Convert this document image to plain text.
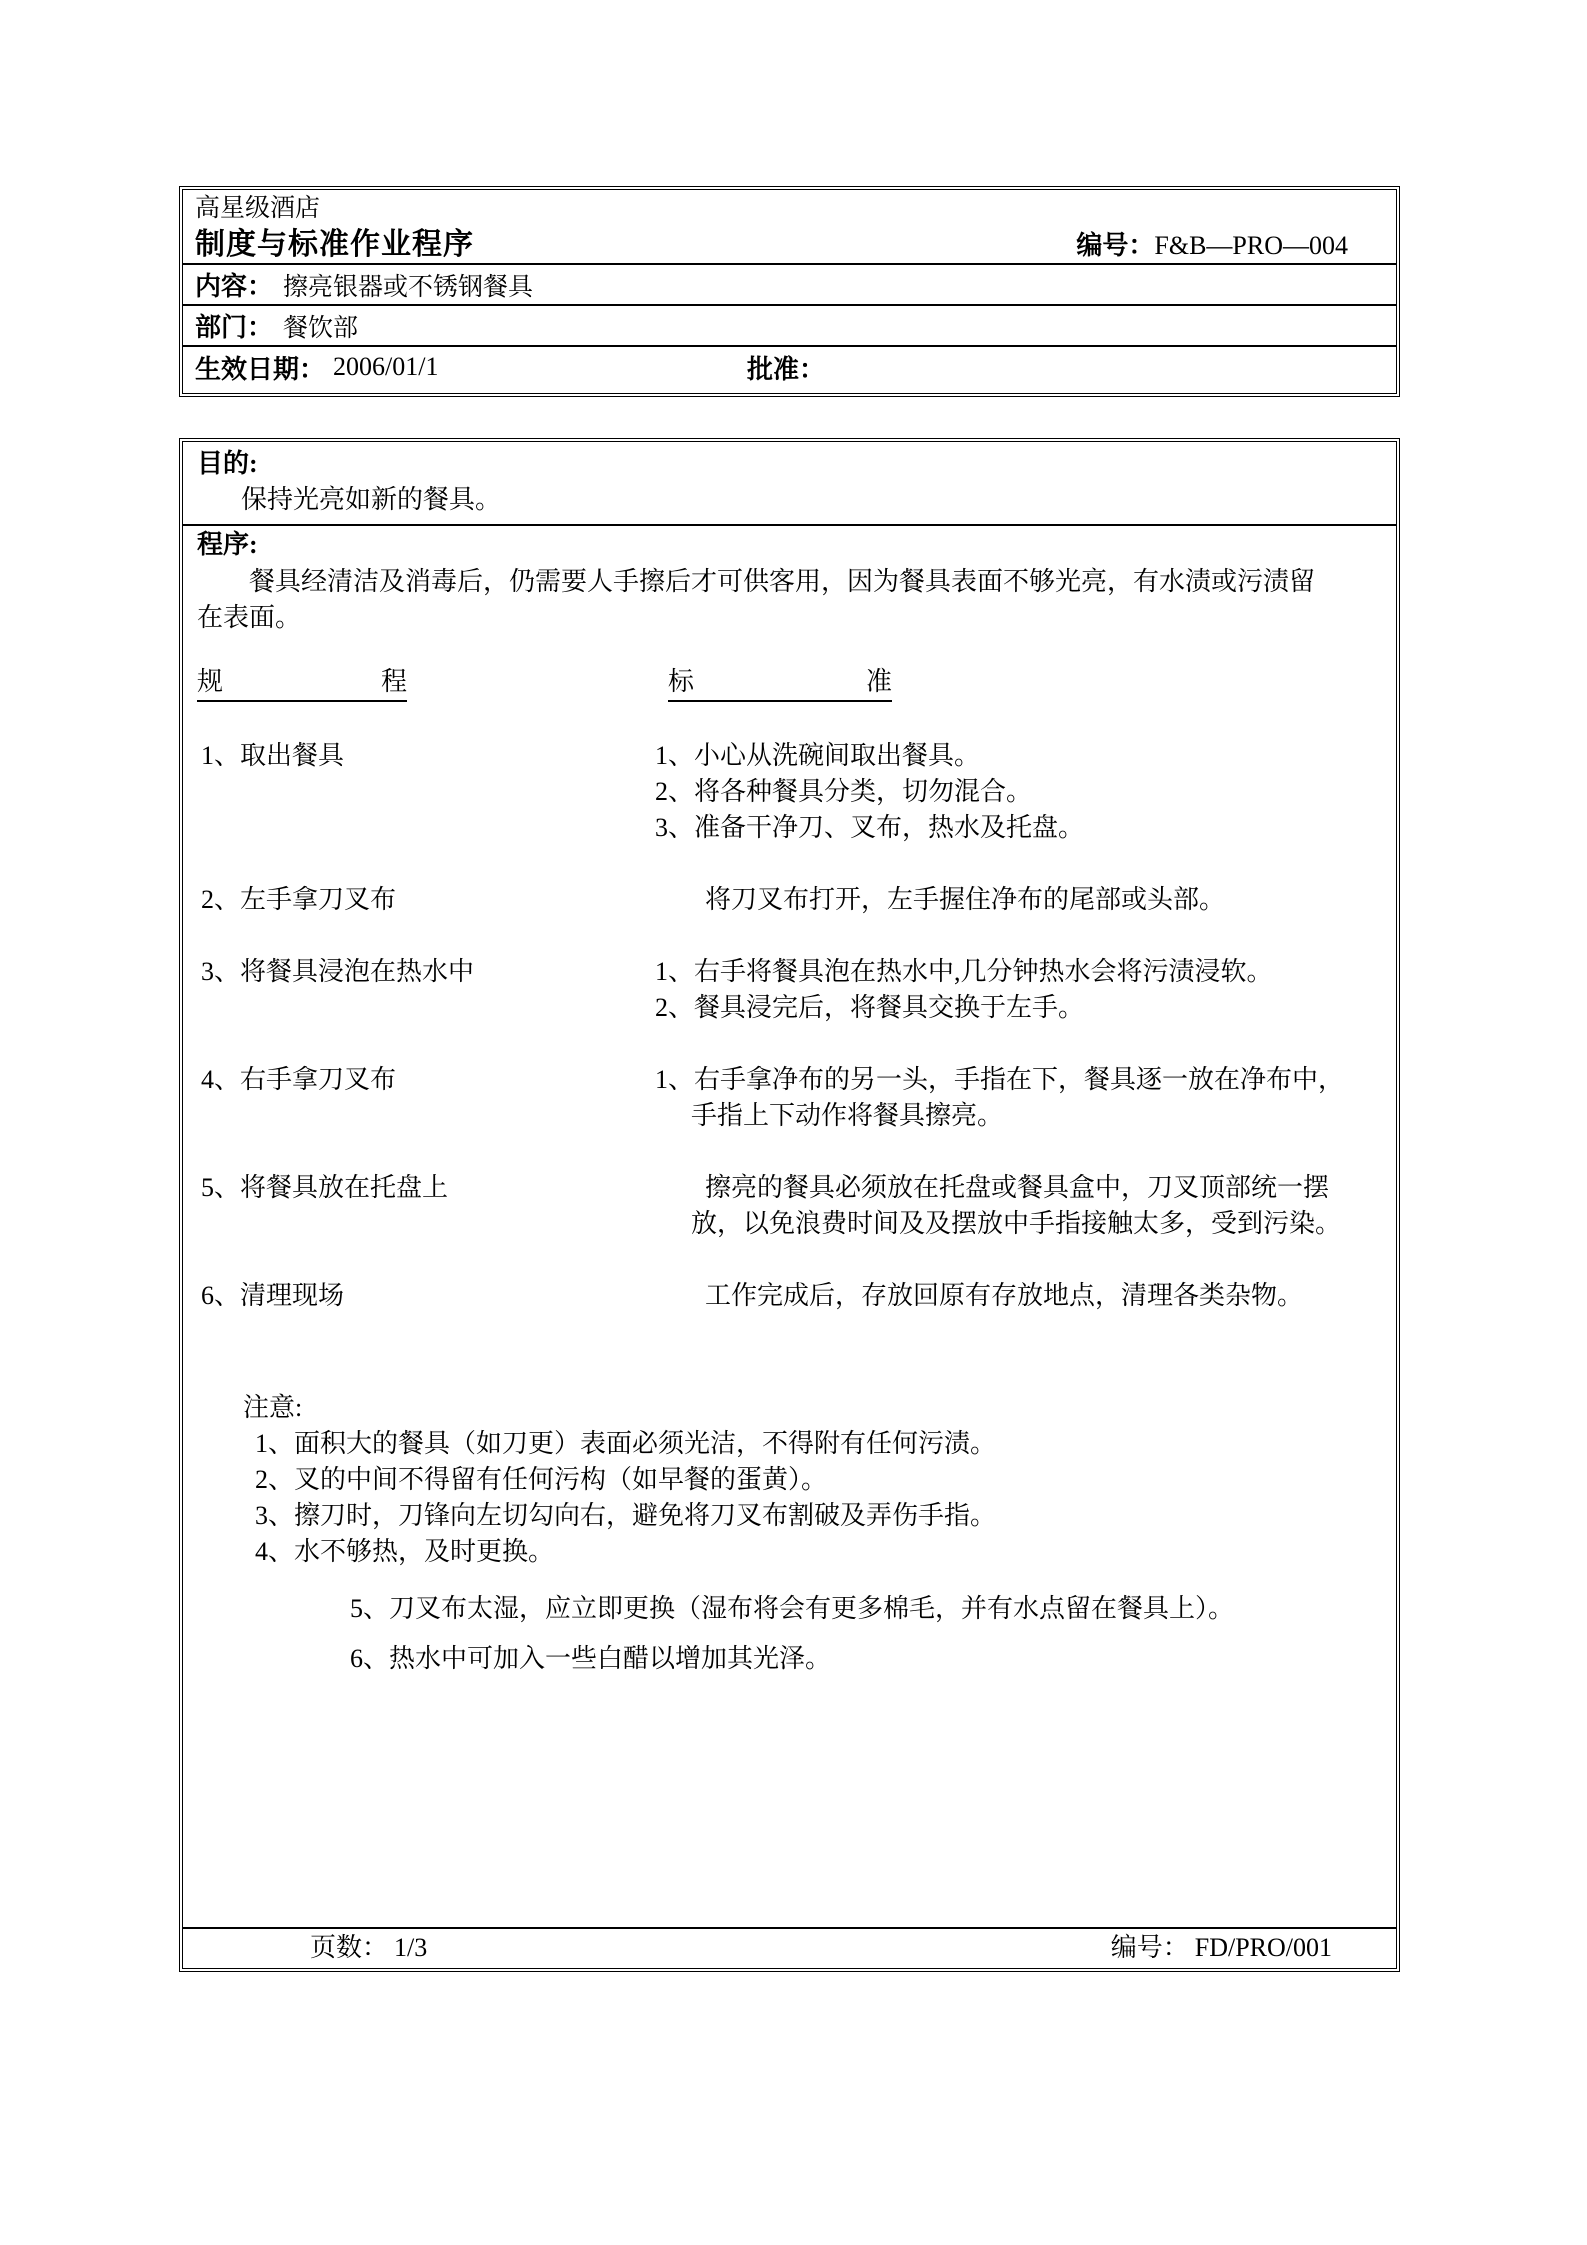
高星级酒店
制度与标准作业程序	编号：F&B—PRO—004
内容： 擦亮银器或不锈钢餐具
部门： 餐饮部
生效日期： 2006/01/1	批准：
目的:
保持光亮如新的餐具。
程序:
餐具经清洁及消毒后，仍需要人手擦后才可供客用，因为餐具表面不够光亮，有水渍或污渍留
在表面。
规	程	标	准
1、取出餐具	1、小心从洗碗间取出餐具。
2、将各种餐具分类，切勿混合。
3、准备干净刀、叉布，热水及托盘。
2、左手拿刀叉布	将刀叉布打开，左手握住净布的尾部或头部。
3、将餐具浸泡在热水中	1、右手将餐具泡在热水中,几分钟热水会将污渍浸软。
2、餐具浸完后，将餐具交换于左手。
4、右手拿刀叉布	1、右手拿净布的另一头，手指在下，餐具逐一放在净布中，
手指上下动作将餐具擦亮。
5、将餐具放在托盘上	擦亮的餐具必须放在托盘或餐具盒中，刀叉顶部统一摆
放，以免浪费时间及及摆放中手指接触太多，受到污染。
6、清理现场	工作完成后，存放回原有存放地点，清理各类杂物。
注意:
1、面积大的餐具（如刀更）表面必须光洁，不得附有任何污渍。
2、叉的中间不得留有任何污构（如早餐的蛋黄）。
3、擦刀时，刀锋向左切勾向右，避免将刀叉布割破及弄伤手指。
4、水不够热，及时更换。
5、刀叉布太湿，应立即更换（湿布将会有更多棉毛，并有水点留在餐具上）。
6、热水中可加入一些白醋以增加其光泽。
页数： 1/3	编号： FD/PRO/001
